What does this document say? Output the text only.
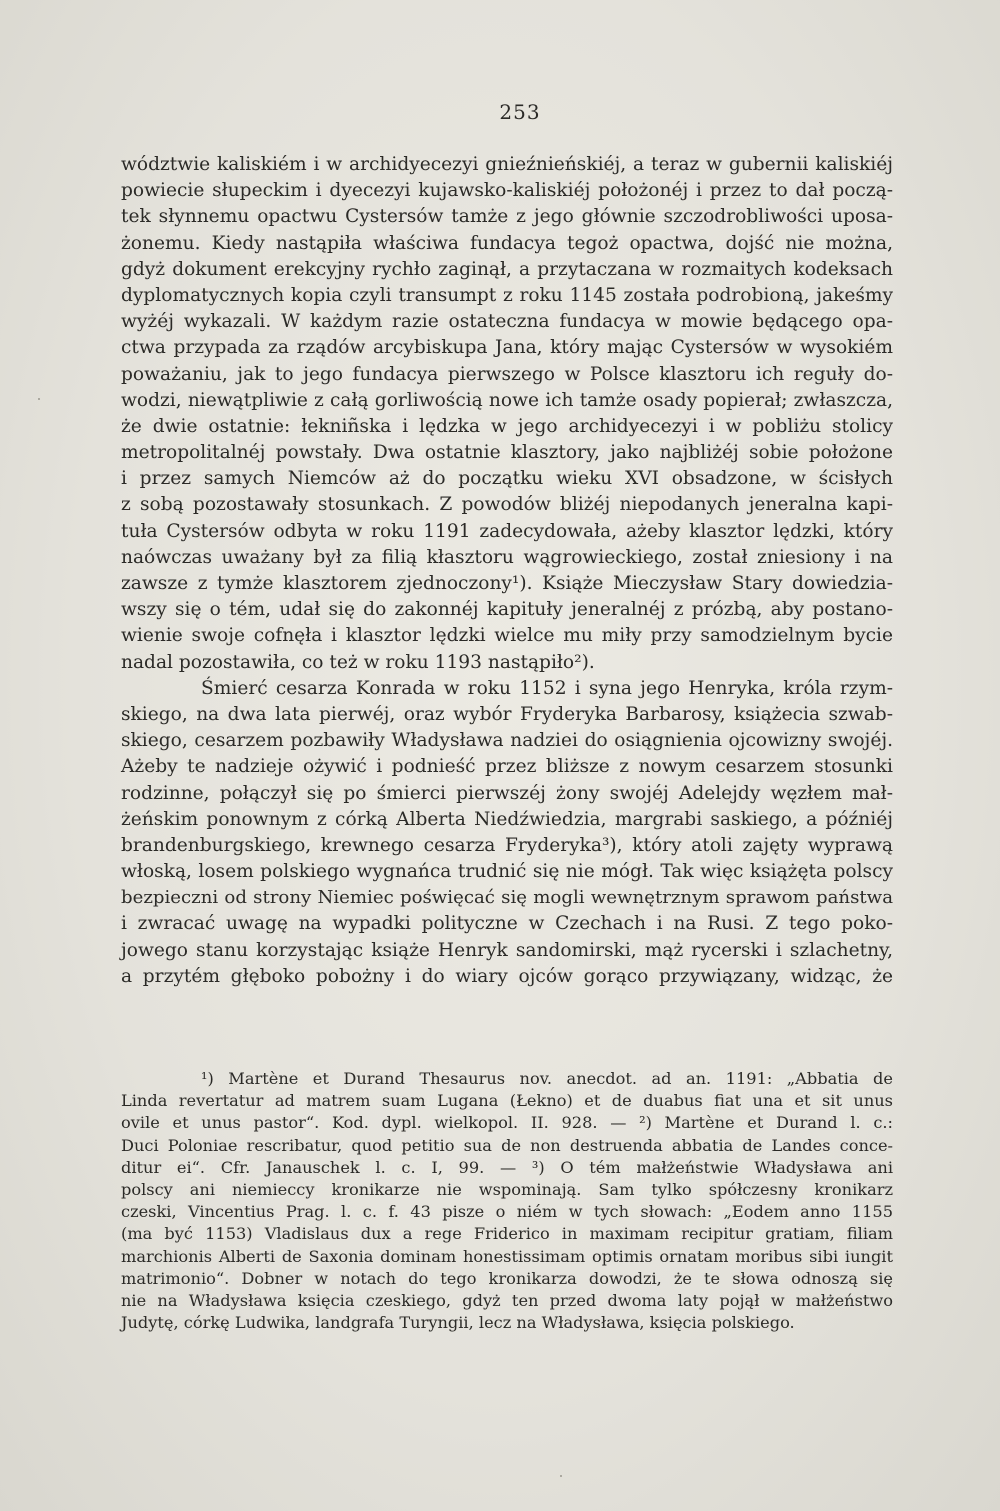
253
wództwie kaliskiém i w archidyecezyi gnieźnieńskiéj, a teraz w gubernii kaliskiéj
powiecie słupeckim i dyecezyi kujawsko-kaliskiéj położonéj i przez to dał począ-
tek słynnemu opactwu Cystersów tamże z jego głównie szczodrobliwości uposa-
żonemu. Kiedy nastąpiła właściwa fundacya tegoż opactwa, dojść nie można,
gdyż dokument erekcyjny rychło zaginął, a przytaczana w rozmaitych kodeksach
dyplomatycznych kopia czyli transumpt z roku 1145 została podrobioną, jakeśmy
wyżéj wykazali. W każdym razie ostateczna fundacya w mowie będącego opa-
ctwa przypada za rządów arcybiskupa Jana, który mając Cystersów w wysokiém
poważaniu, jak to jego fundacya pierwszego w Polsce klasztoru ich reguły do-
wodzi, niewątpliwie z całą gorliwością nowe ich tamże osady popierał; zwłaszcza,
że dwie ostatnie: łekniñska i lędzka w jego archidyecezyi i w pobliżu stolicy
metropolitalnéj powstały. Dwa ostatnie klasztory, jako najbliżéj sobie położone
i przez samych Niemców aż do początku wieku XVI obsadzone, w ścisłych
z sobą pozostawały stosunkach. Z powodów bliżéj niepodanych jeneralna kapi-
tuła Cystersów odbyta w roku 1191 zadecydowała, ażeby klasztor lędzki, który
naówczas uważany był za filią kłasztoru wągrowieckiego, został zniesiony i na
zawsze z tymże klasztorem zjednoczony¹). Książe Mieczysław Stary dowiedzia-
wszy się o tém, udał się do zakonnéj kapituły jeneralnéj z prózbą, aby postano-
wienie swoje cofnęła i klasztor lędzki wielce mu miły przy samodzielnym bycie
nadal pozostawiła, co też w roku 1193 nastąpiło²).
Śmierć cesarza Konrada w roku 1152 i syna jego Henryka, króla rzym-
skiego, na dwa lata pierwéj, oraz wybór Fryderyka Barbarosy, książecia szwab-
skiego, cesarzem pozbawiły Władysława nadziei do osiągnienia ojcowizny swojéj.
Ażeby te nadzieje ożywić i podnieść przez bliższe z nowym cesarzem stosunki
rodzinne, połączył się po śmierci pierwszéj żony swojéj Adelejdy węzłem mał-
żeńskim ponownym z córką Alberta Niedźwiedzia, margrabi saskiego, a późniéj
brandenburgskiego, krewnego cesarza Fryderyka³), który atoli zajęty wyprawą
włoską, losem polskiego wygnańca trudnić się nie mógł. Tak więc książęta polscy
bezpieczni od strony Niemiec poświęcać się mogli wewnętrznym sprawom państwa
i zwracać uwagę na wypadki polityczne w Czechach i na Rusi. Z tego poko-
jowego stanu korzystając książe Henryk sandomirski, mąż rycerski i szlachetny,
a przytém głęboko pobożny i do wiary ojców gorąco przywiązany, widząc, że
¹) Martène et Durand Thesaurus nov. anecdot. ad an. 1191: „Abbatia de
Linda revertatur ad matrem suam Lugana (Łekno) et de duabus fiat una et sit unus
ovile et unus pastor“. Kod. dypl. wielkopol. II. 928. — ²) Martène et Durand l. c.:
Duci Poloniae rescribatur, quod petitio sua de non destruenda abbatia de Landes conce-
ditur ei“. Cfr. Janauschek l. c. I, 99. — ³) O tém małżeństwie Władysława ani
polscy ani niemieccy kronikarze nie wspominają. Sam tylko spółczesny kronikarz
czeski, Vincentius Prag. l. c. f. 43 pisze o niém w tych słowach: „Eodem anno 1155
(ma być 1153) Vladislaus dux a rege Friderico in maximam recipitur gratiam, filiam
marchionis Alberti de Saxonia dominam honestissimam optimis ornatam moribus sibi iungit
matrimonio“. Dobner w notach do tego kronikarza dowodzi, że te słowa odnoszą się
nie na Władysława księcia czeskiego, gdyż ten przed dwoma laty pojął w małżeństwo
Judytę, córkę Ludwika, landgrafa Turyngii, lecz na Władysława, księcia polskiego.
